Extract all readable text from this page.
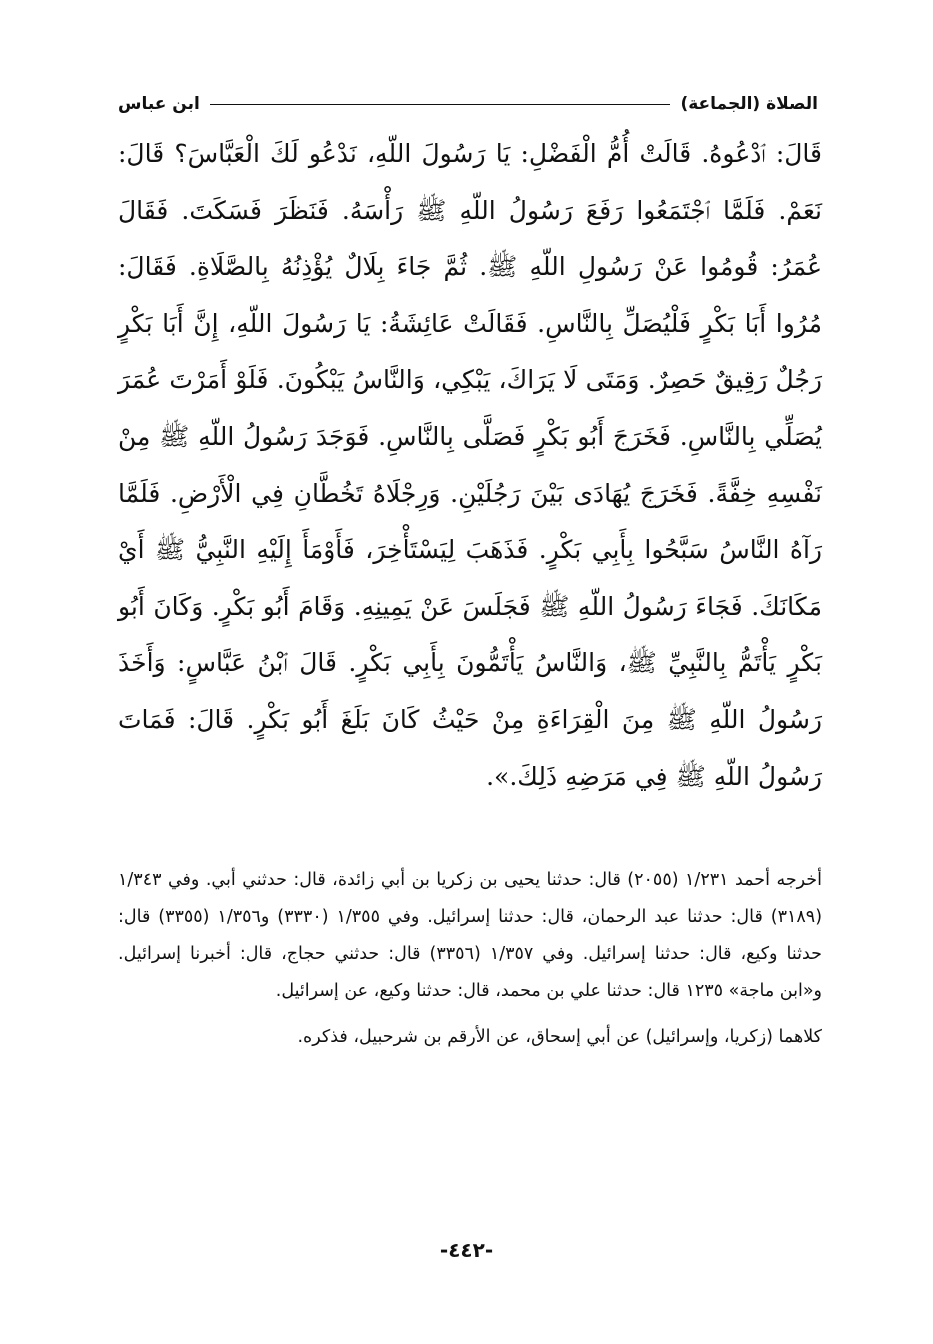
الصلاة (الجماعة)
ابن عباس

قَالَ: ٱدْعُوهُ. قَالَتْ أُمُّ الْفَضْلِ: يَا رَسُولَ اللّهِ، نَدْعُو لَكَ الْعَبَّاسَ؟ قَالَ: نَعَمْ. فَلَمَّا ٱجْتَمَعُوا رَفَعَ رَسُولُ اللّهِ ﷺ رَأْسَهُ. فَنَظَرَ فَسَكَتَ. فَقَالَ عُمَرُ: قُومُوا عَنْ رَسُولِ اللّهِ ﷺ. ثُمَّ جَاءَ بِلَالٌ يُؤْذِنُهُ بِالصَّلَاةِ. فَقَالَ: مُرُوا أَبَا بَكْرٍ فَلْيُصَلِّ بِالنَّاسِ. فَقَالَتْ عَائِشَةُ: يَا رَسُولَ اللّهِ، إِنَّ أَبَا بَكْرٍ رَجُلٌ رَقِيقٌ حَصِرٌ. وَمَتَى لَا يَرَاكَ، يَبْكِي، وَالنَّاسُ يَبْكُونَ. فَلَوْ أَمَرْتَ عُمَرَ يُصَلِّي بِالنَّاسِ. فَخَرَجَ أَبُو بَكْرٍ فَصَلَّى بِالنَّاسِ. فَوَجَدَ رَسُولُ اللّهِ ﷺ مِنْ نَفْسِهِ خِفَّةً. فَخَرَجَ يُهَادَى بَيْنَ رَجُلَيْنِ. وَرِجْلَاهُ تَخُطَّانِ فِي الْأَرْضِ. فَلَمَّا رَآهُ النَّاسُ سَبَّحُوا بِأَبِي بَكْرٍ. فَذَهَبَ لِيَسْتَأْخِرَ، فَأَوْمَأَ إِلَيْهِ النَّبِيُّ ﷺ أَيْ مَكَانَكَ. فَجَاءَ رَسُولُ اللّهِ ﷺ فَجَلَسَ عَنْ يَمِينِهِ. وَقَامَ أَبُو بَكْرٍ. وَكَانَ أَبُو بَكْرٍ يَأْتَمُّ بِالنَّبِيِّ ﷺ، وَالنَّاسُ يَأْتَمُّونَ بِأَبِي بَكْرٍ. قَالَ ٱبْنُ عَبَّاسٍ: وَأَخَذَ رَسُولُ اللّهِ ﷺ مِنَ الْقِرَاءَةِ مِنْ حَيْثُ كَانَ بَلَغَ أَبُو بَكْرٍ. قَالَ: فَمَاتَ رَسُولُ اللّهِ ﷺ فِي مَرَضِهِ ذَلِكَ.».

أخرجه أحمد ١/٢٣١ (٢٠٥٥) قال: حدثنا يحيى بن زكريا بن أبي زائدة، قال: حدثني أبي. وفي ١/٣٤٣ (٣١٨٩) قال: حدثنا عبد الرحمان، قال: حدثنا إسرائيل. وفي ١/٣٥٥ (٣٣٣٠) و١/٣٥٦ (٣٣٥٥) قال: حدثنا وكيع، قال: حدثنا إسرائيل. وفي ١/٣٥٧ (٣٣٥٦) قال: حدثني حجاج، قال: أخبرنا إسرائيل. و«ابن ماجة» ١٢٣٥ قال: حدثنا علي بن محمد، قال: حدثنا وكيع، عن إسرائيل.

كلاهما (زكريا، وإسرائيل) عن أبي إسحاق، عن الأرقم بن شرحبيل، فذكره.

-٤٤٢-
